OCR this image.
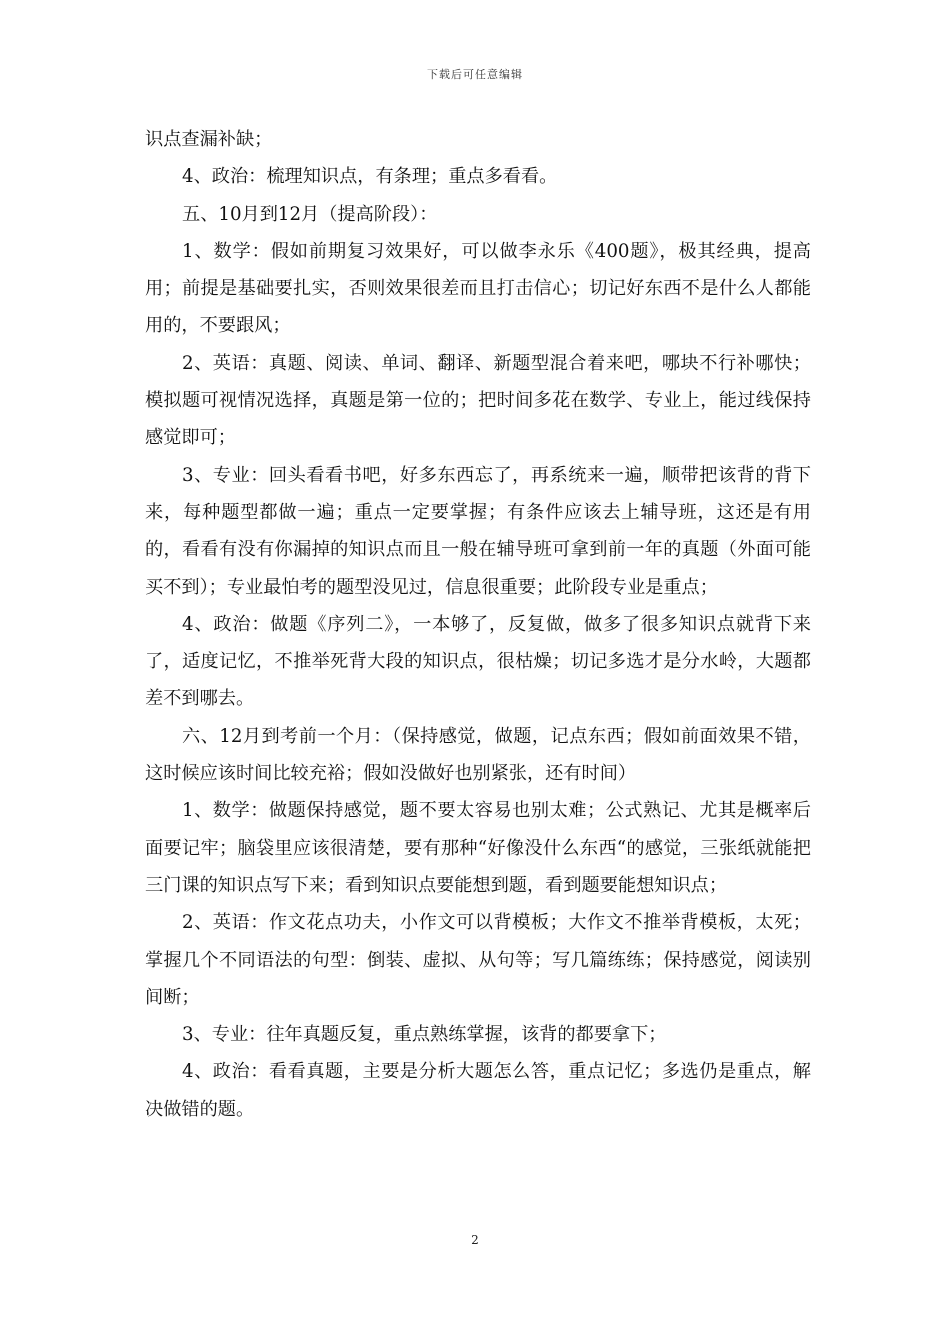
下载后可任意编辑

识点查漏补缺；

4、政治：梳理知识点，有条理；重点多看看。

五、10月到12月（提高阶段）：

1、数学：假如前期复习效果好，可以做李永乐《400题》，极其经典，提高用；前提是基础要扎实，否则效果很差而且打击信心；切记好东西不是什么人都能用的，不要跟风；

2、英语：真题、阅读、单词、翻译、新题型混合着来吧，哪块不行补哪快；模拟题可视情况选择，真题是第一位的；把时间多花在数学、专业上，能过线保持感觉即可；

3、专业：回头看看书吧，好多东西忘了，再系统来一遍，顺带把该背的背下来，每种题型都做一遍；重点一定要掌握；有条件应该去上辅导班，这还是有用的，看看有没有你漏掉的知识点而且一般在辅导班可拿到前一年的真题（外面可能买不到）；专业最怕考的题型没见过，信息很重要；此阶段专业是重点；

4、政治：做题《序列二》，一本够了，反复做，做多了很多知识点就背下来了，适度记忆，不推举死背大段的知识点，很枯燥；切记多选才是分水岭，大题都差不到哪去。

六、12月到考前一个月：（保持感觉，做题，记点东西；假如前面效果不错，这时候应该时间比较充裕；假如没做好也别紧张，还有时间）

1、数学：做题保持感觉，题不要太容易也别太难；公式熟记、尤其是概率后面要记牢；脑袋里应该很清楚，要有那种“好像没什么东西“的感觉，三张纸就能把三门课的知识点写下来；看到知识点要能想到题，看到题要能想知识点；

2、英语：作文花点功夫，小作文可以背模板；大作文不推举背模板，太死；掌握几个不同语法的句型：倒装、虚拟、从句等；写几篇练练；保持感觉，阅读别间断；

3、专业：往年真题反复，重点熟练掌握，该背的都要拿下；

4、政治：看看真题，主要是分析大题怎么答，重点记忆；多选仍是重点，解决做错的题。

2
